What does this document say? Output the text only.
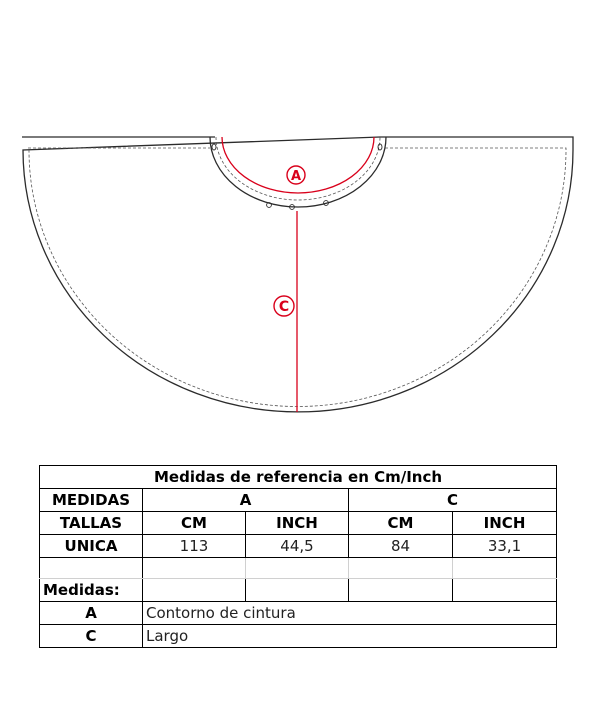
A
C
Medidas de referencia en Cm/Inch				
MEDIDAS	A		C	
TALLAS	CM	INCH	CM	INCH
UNICA	113	44,5	84	33,1

Medidas:				
A	Contorno de cintura			
C	Largo			
